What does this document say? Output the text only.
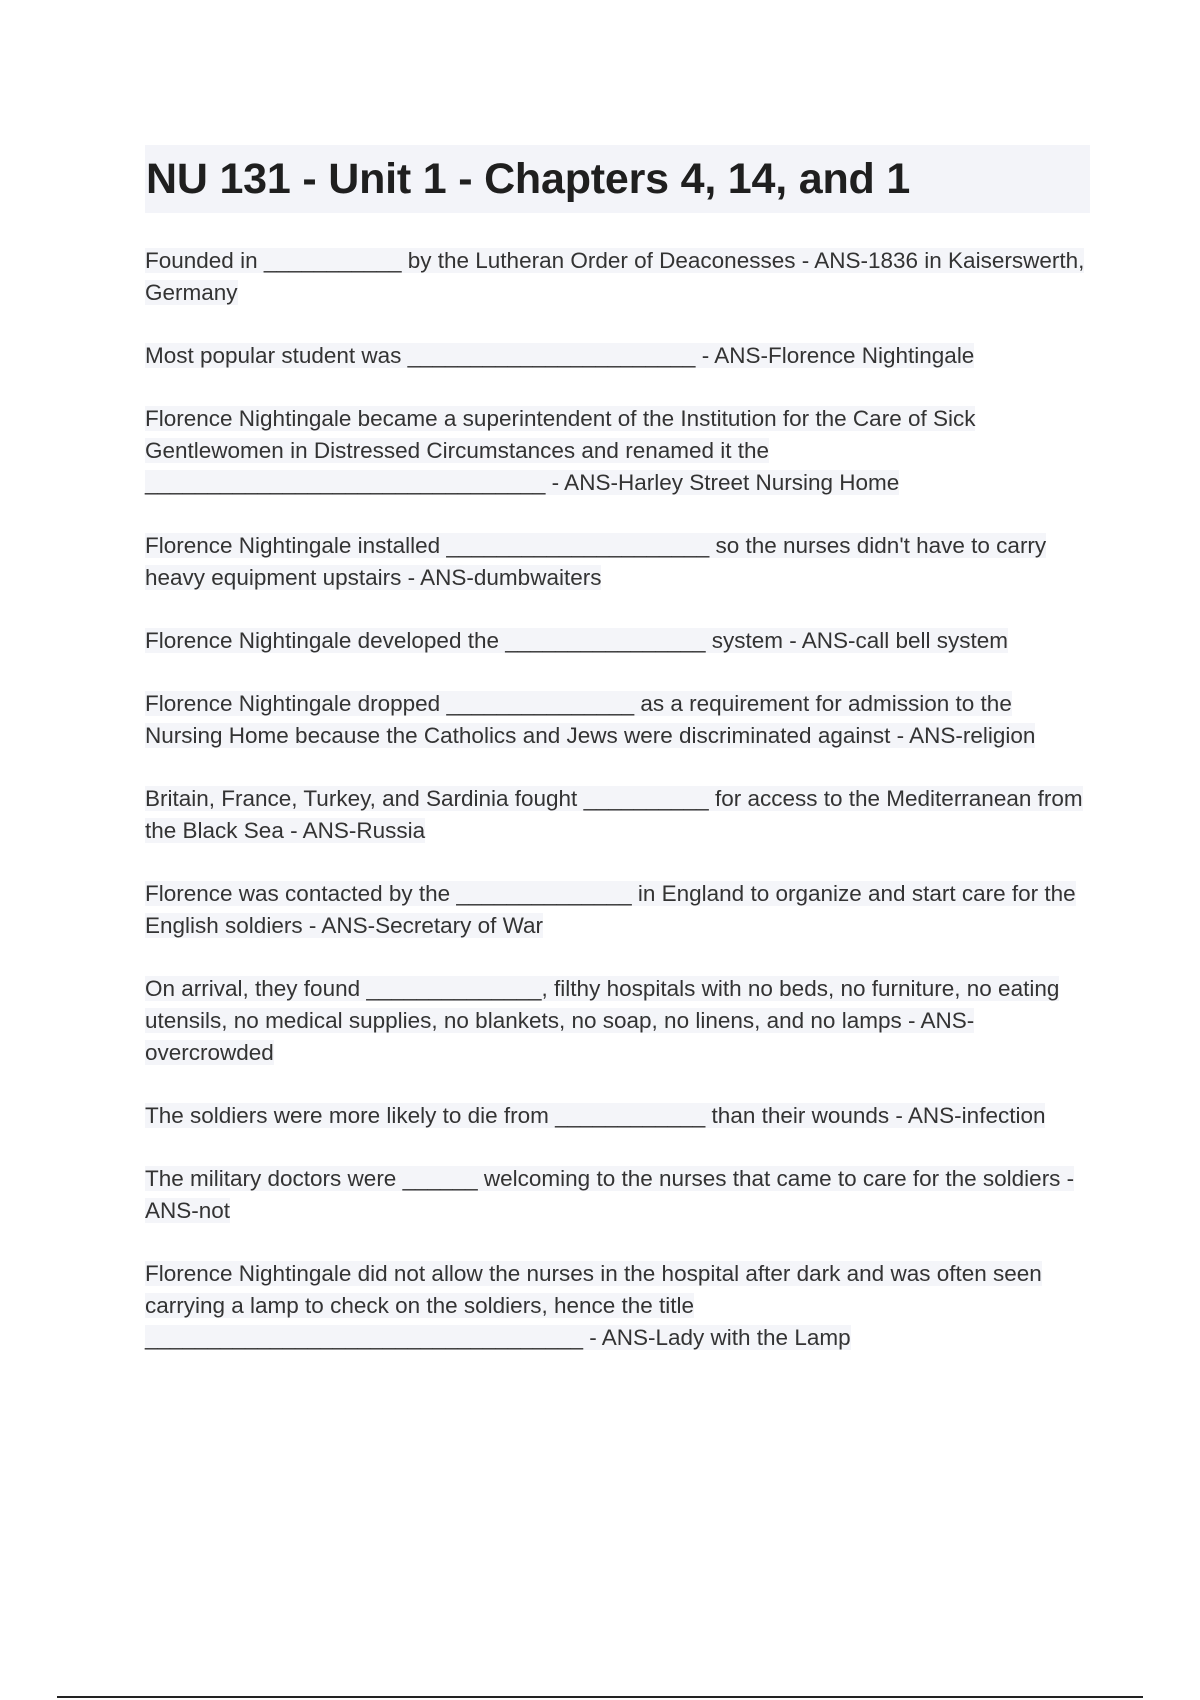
NU 131 - Unit 1 - Chapters 4, 14, and 1

Founded in ___________ by the Lutheran Order of Deaconesses - ANS-1836 in Kaiserswerth, Germany

Most popular student was _______________________ - ANS-Florence Nightingale

Florence Nightingale became a superintendent of the Institution for the Care of Sick Gentlewomen in Distressed Circumstances and renamed it the ________________________________ - ANS-Harley Street Nursing Home

Florence Nightingale installed _____________________ so the nurses didn't have to carry heavy equipment upstairs - ANS-dumbwaiters

Florence Nightingale developed the ________________ system - ANS-call bell system

Florence Nightingale dropped _______________ as a requirement for admission to the Nursing Home because the Catholics and Jews were discriminated against - ANS-religion

Britain, France, Turkey, and Sardinia fought __________ for access to the Mediterranean from the Black Sea - ANS-Russia

Florence was contacted by the ______________ in England to organize and start care for the English soldiers - ANS-Secretary of War

On arrival, they found ______________, filthy hospitals with no beds, no furniture, no eating utensils, no medical supplies, no blankets, no soap, no linens, and no lamps - ANS-overcrowded

The soldiers were more likely to die from ____________ than their wounds - ANS-infection

The military doctors were ______ welcoming to the nurses that came to care for the soldiers - ANS-not

Florence Nightingale did not allow the nurses in the hospital after dark and was often seen carrying a lamp to check on the soldiers, hence the title ___________________________________ - ANS-Lady with the Lamp
